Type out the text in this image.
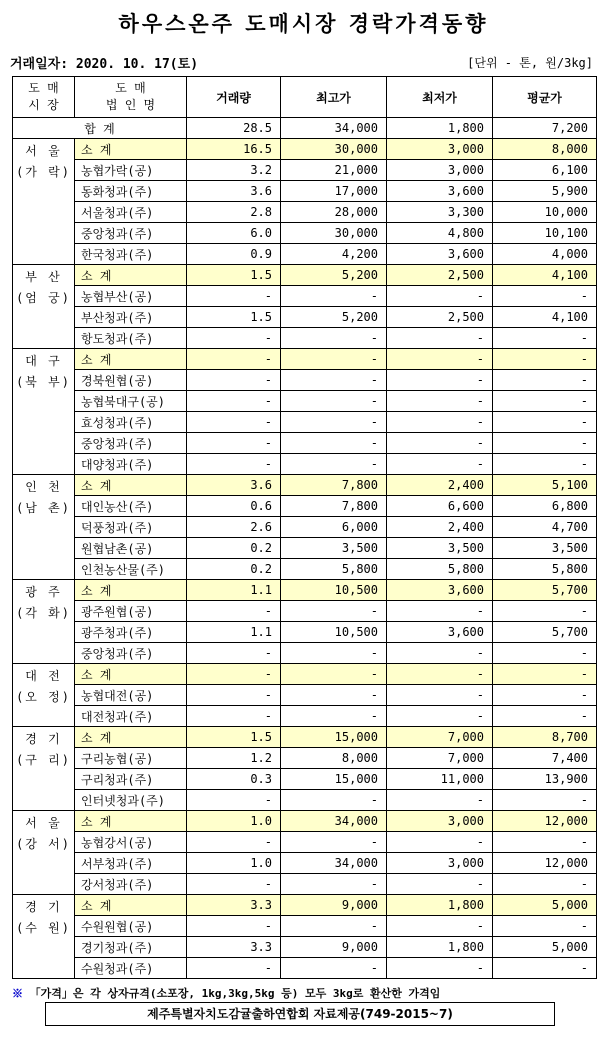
하우스온주 도매시장 경락가격동향
거래일자: 2020. 10. 17(토)	[단위 - 톤, 원/3kg]
도 매
시 장	도 매
법 인 명	거래량	최고가	최저가	평균가
합 계		28.5	34,000	1,800	7,200
서 울
(가 락)	소 계	16.5	30,000	3,000	8,000
	농협가락(공)	3.2	21,000	3,000	6,100
	동화청과(주)	3.6	17,000	3,600	5,900
	서울청과(주)	2.8	28,000	3,300	10,000
	중앙청과(주)	6.0	30,000	4,800	10,100
	한국청과(주)	0.9	4,200	3,600	4,000
부 산
(엄 궁)	소 계	1.5	5,200	2,500	4,100
	농협부산(공)	-	-	-	-
	부산청과(주)	1.5	5,200	2,500	4,100
	항도청과(주)	-	-	-	-
대 구
(북 부)	소 계	-	-	-	-
	경북원협(공)	-	-	-	-
	농협북대구(공)	-	-	-	-
	효성청과(주)	-	-	-	-
	중앙청과(주)	-	-	-	-
	대양청과(주)	-	-	-	-
인 천
(남 촌)	소 계	3.6	7,800	2,400	5,100
	대인농산(주)	0.6	7,800	6,600	6,800
	덕풍청과(주)	2.6	6,000	2,400	4,700
	원협남촌(공)	0.2	3,500	3,500	3,500
	인천농산물(주)	0.2	5,800	5,800	5,800
광 주
(각 화)	소 계	1.1	10,500	3,600	5,700
	광주원협(공)	-	-	-	-
	광주청과(주)	1.1	10,500	3,600	5,700
	중앙청과(주)	-	-	-	-
대 전
(오 정)	소 계	-	-	-	-
	농협대전(공)	-	-	-	-
	대전청과(주)	-	-	-	-
경 기
(구 리)	소 계	1.5	15,000	7,000	8,700
	구리농협(공)	1.2	8,000	7,000	7,400
	구리청과(주)	0.3	15,000	11,000	13,900
	인터넷청과(주)	-	-	-	-
서 울
(강 서)	소 계	1.0	34,000	3,000	12,000
	농협강서(공)	-	-	-	-
	서부청과(주)	1.0	34,000	3,000	12,000
	강서청과(주)	-	-	-	-
경 기
(수 원)	소 계	3.3	9,000	1,800	5,000
	수원원협(공)	-	-	-	-
	경기청과(주)	3.3	9,000	1,800	5,000
	수원청과(주)	-	-	-	-
※ 「가격」은 각 상자규격(소포장, 1kg,3kg,5kg 등) 모두 3kg로 환산한 가격임
제주특별자치도감귤출하연합회 자료제공(749-2015~7)
